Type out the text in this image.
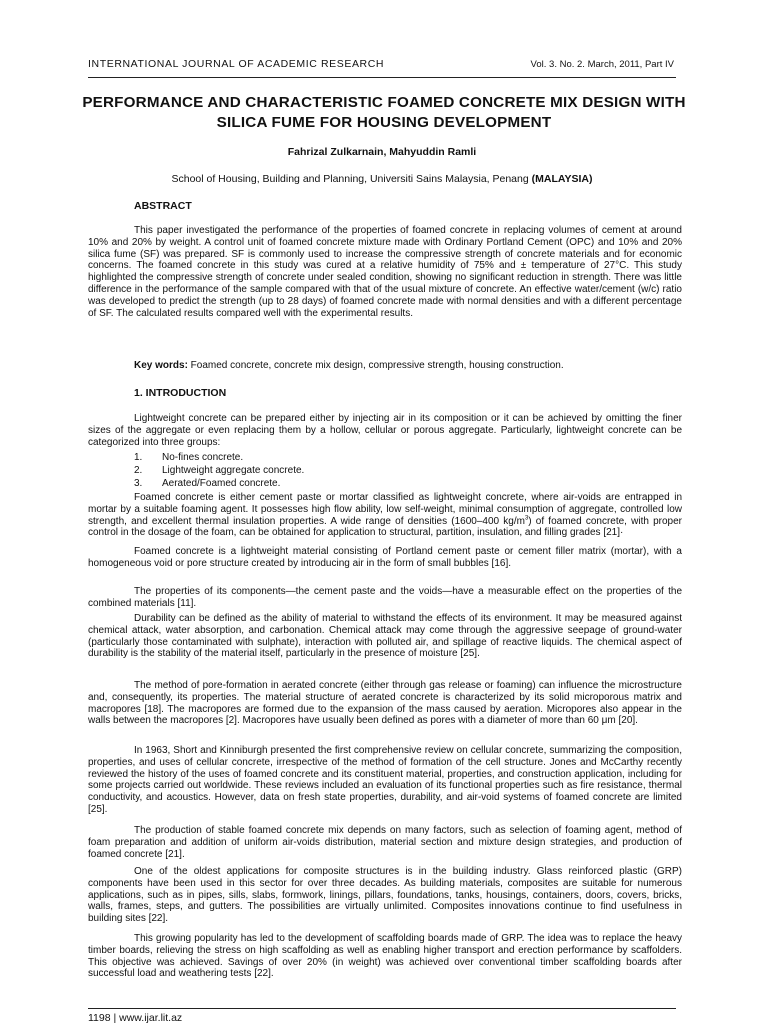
INTERNATIONAL JOURNAL OF ACADEMIC RESEARCH	Vol. 3. No. 2. March, 2011, Part IV
PERFORMANCE AND CHARACTERISTIC FOAMED CONCRETE MIX DESIGN WITH SILICA FUME FOR HOUSING DEVELOPMENT
Fahrizal Zulkarnain, Mahyuddin Ramli
School of Housing, Building and Planning, Universiti Sains Malaysia, Penang (MALAYSIA)
ABSTRACT

This paper investigated the performance of the properties of foamed concrete in replacing volumes of cement at around 10% and 20% by weight. A control unit of foamed concrete mixture made with Ordinary Portland Cement (OPC) and 10% and 20% silica fume (SF) was prepared. SF is commonly used to increase the compressive strength of concrete materials and for economic concerns. The foamed concrete in this study was cured at a relative humidity of 75% and ± temperature of 27°C. This study highlighted the compressive strength of concrete under sealed condition, showing no significant reduction in strength. There was little difference in the performance of the sample compared with that of the usual mixture of concrete. An effective water/cement (w/c) ratio was developed to predict the strength (up to 28 days) of foamed concrete made with normal densities and with a different percentage of SF. The calculated results compared well with the experimental results.

Key words: Foamed concrete, concrete mix design, compressive strength, housing construction.

1. INTRODUCTION

Lightweight concrete can be prepared either by injecting air in its composition or it can be achieved by omitting the finer sizes of the aggregate or even replacing them by a hollow, cellular or porous aggregate. Particularly, lightweight concrete can be categorized into three groups:

1. No-fines concrete.
2. Lightweight aggregate concrete.
3. Aerated/Foamed concrete.

Foamed concrete is either cement paste or mortar classified as lightweight concrete, where air-voids are entrapped in mortar by a suitable foaming agent. It possesses high flow ability, low self-weight, minimal consumption of aggregate, controlled low strength, and excellent thermal insulation properties. A wide range of densities (1600–400 $kg/m^3$) of foamed concrete, with proper control in the dosage of the foam, can be obtained for application to structural, partition, insulation, and filling grades [21]·

Foamed concrete is a lightweight material consisting of Portland cement paste or cement filler matrix (mortar), with a homogeneous void or pore structure created by introducing air in the form of small bubbles [16].

The properties of its components—the cement paste and the voids—have a measurable effect on the properties of the combined materials [11].

Durability can be defined as the ability of material to withstand the effects of its environment. It may be measured against chemical attack, water absorption, and carbonation. Chemical attack may come through the aggressive seepage of ground-water (particularly those contaminated with sulphate), interaction with polluted air, and spillage of reactive liquids. The chemical aspect of durability is the stability of the material itself, particularly in the presence of moisture [25].

The method of pore-formation in aerated concrete (either through gas release or foaming) can influence the microstructure and, consequently, its properties. The material structure of aerated concrete is characterized by its solid microporous matrix and macropores [18]. The macropores are formed due to the expansion of the mass caused by aeration. Micropores also appear in the walls between the macropores [2]. Macropores have usually been defined as pores with a diameter of more than 60 μm [20].

In 1963, Short and Kinniburgh presented the first comprehensive review on cellular concrete, summarizing the composition, properties, and uses of cellular concrete, irrespective of the method of formation of the cell structure. Jones and McCarthy recently reviewed the history of the uses of foamed concrete and its constituent material, properties, and construction application, including for some projects carried out worldwide. These reviews included an evaluation of its functional properties such as fire resistance, thermal conductivity, and acoustics. However, data on fresh state properties, durability, and air-void systems of foamed concrete are limited [25].

The production of stable foamed concrete mix depends on many factors, such as selection of foaming agent, method of foam preparation and addition of uniform air-voids distribution, material section and mixture design strategies, and production of foamed concrete [21].

One of the oldest applications for composite structures is in the building industry. Glass reinforced plastic (GRP) components have been used in this sector for over three decades. As building materials, composites are suitable for numerous applications, such as in pipes, sills, slabs, formwork, linings, pillars, foundations, tanks, housings, containers, doors, covers, bricks, walls, frames, steps, and gutters. The possibilities are virtually unlimited. Composites innovations continue to find usefulness in building sites [22].

This growing popularity has led to the development of scaffolding boards made of GRP. The idea was to replace the heavy timber boards, relieving the stress on high scaffolding as well as enabling higher transport and erection performance by scaffolders. This objective was achieved. Savings of over 20% (in weight) was achieved over conventional timber scaffolding boards after successful load and weathering tests [22].

1198 | www.ijar.lit.az
